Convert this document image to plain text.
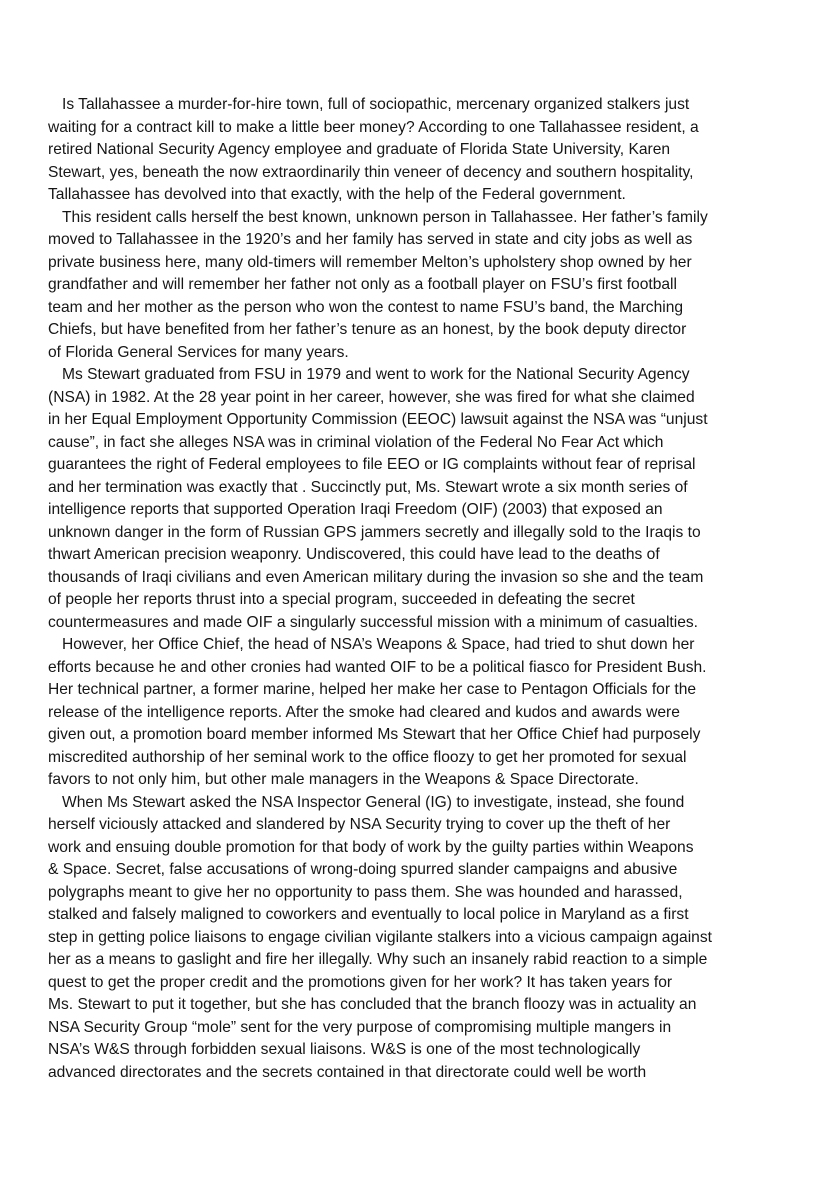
Is Tallahassee a murder-for-hire town, full of sociopathic, mercenary organized stalkers just
waiting for a contract kill to make a little beer money? According to one Tallahassee resident, a
retired National Security Agency employee and graduate of Florida State University, Karen
Stewart, yes, beneath the now extraordinarily thin veneer of decency and southern hospitality,
Tallahassee has devolved into that exactly, with the help of the Federal government.
This resident calls herself the best known, unknown person in Tallahassee. Her father’s family
moved to Tallahassee in the 1920’s and her family has served in state and city jobs as well as
private business here, many old-timers will remember Melton’s upholstery shop owned by her
grandfather and will remember her father not only as a football player on FSU’s first football
team and her mother as the person who won the contest to name FSU’s band, the Marching
Chiefs, but have benefited from her father’s tenure as an honest, by the book deputy director
of Florida General Services for many years.
Ms Stewart graduated from FSU in 1979 and went to work for the National Security Agency
(NSA) in 1982. At the 28 year point in her career, however, she was fired for what she claimed
in her Equal Employment Opportunity Commission (EEOC) lawsuit against the NSA was “unjust
cause”, in fact she alleges NSA was in criminal violation of the Federal No Fear Act which
guarantees the right of Federal employees to file EEO or IG complaints without fear of reprisal
and her termination was exactly that . Succinctly put, Ms. Stewart wrote a six month series of
intelligence reports that supported Operation Iraqi Freedom (OIF) (2003) that exposed an
unknown danger in the form of Russian GPS jammers secretly and illegally sold to the Iraqis to
thwart American precision weaponry. Undiscovered, this could have lead to the deaths of
thousands of Iraqi civilians and even American military during the invasion so she and the team
of people her reports thrust into a special program, succeeded in defeating the secret
countermeasures and made OIF a singularly successful mission with a minimum of casualties.
However, her Office Chief, the head of NSA’s Weapons & Space, had tried to shut down her
efforts because he and other cronies had wanted OIF to be a political fiasco for President Bush.
Her technical partner, a former marine, helped her make her case to Pentagon Officials for the
release of the intelligence reports. After the smoke had cleared and kudos and awards were
given out, a promotion board member informed Ms Stewart that her Office Chief had purposely
miscredited authorship of her seminal work to the office floozy to get her promoted for sexual
favors to not only him, but other male managers in the Weapons & Space Directorate.
When Ms Stewart asked the NSA Inspector General (IG) to investigate, instead, she found
herself viciously attacked and slandered by NSA Security trying to cover up the theft of her
work and ensuing double promotion for that body of work by the guilty parties within Weapons
& Space. Secret, false accusations of wrong-doing spurred slander campaigns and abusive
polygraphs meant to give her no opportunity to pass them. She was hounded and harassed,
stalked and falsely maligned to coworkers and eventually to local police in Maryland as a first
step in getting police liaisons to engage civilian vigilante stalkers into a vicious campaign against
her as a means to gaslight and fire her illegally. Why such an insanely rabid reaction to a simple
quest to get the proper credit and the promotions given for her work? It has taken years for
Ms. Stewart to put it together, but she has concluded that the branch floozy was in actuality an
NSA Security Group “mole” sent for the very purpose of compromising multiple mangers in
NSA’s W&S through forbidden sexual liaisons. W&S is one of the most technologically
advanced directorates and the secrets contained in that directorate could well be worth
